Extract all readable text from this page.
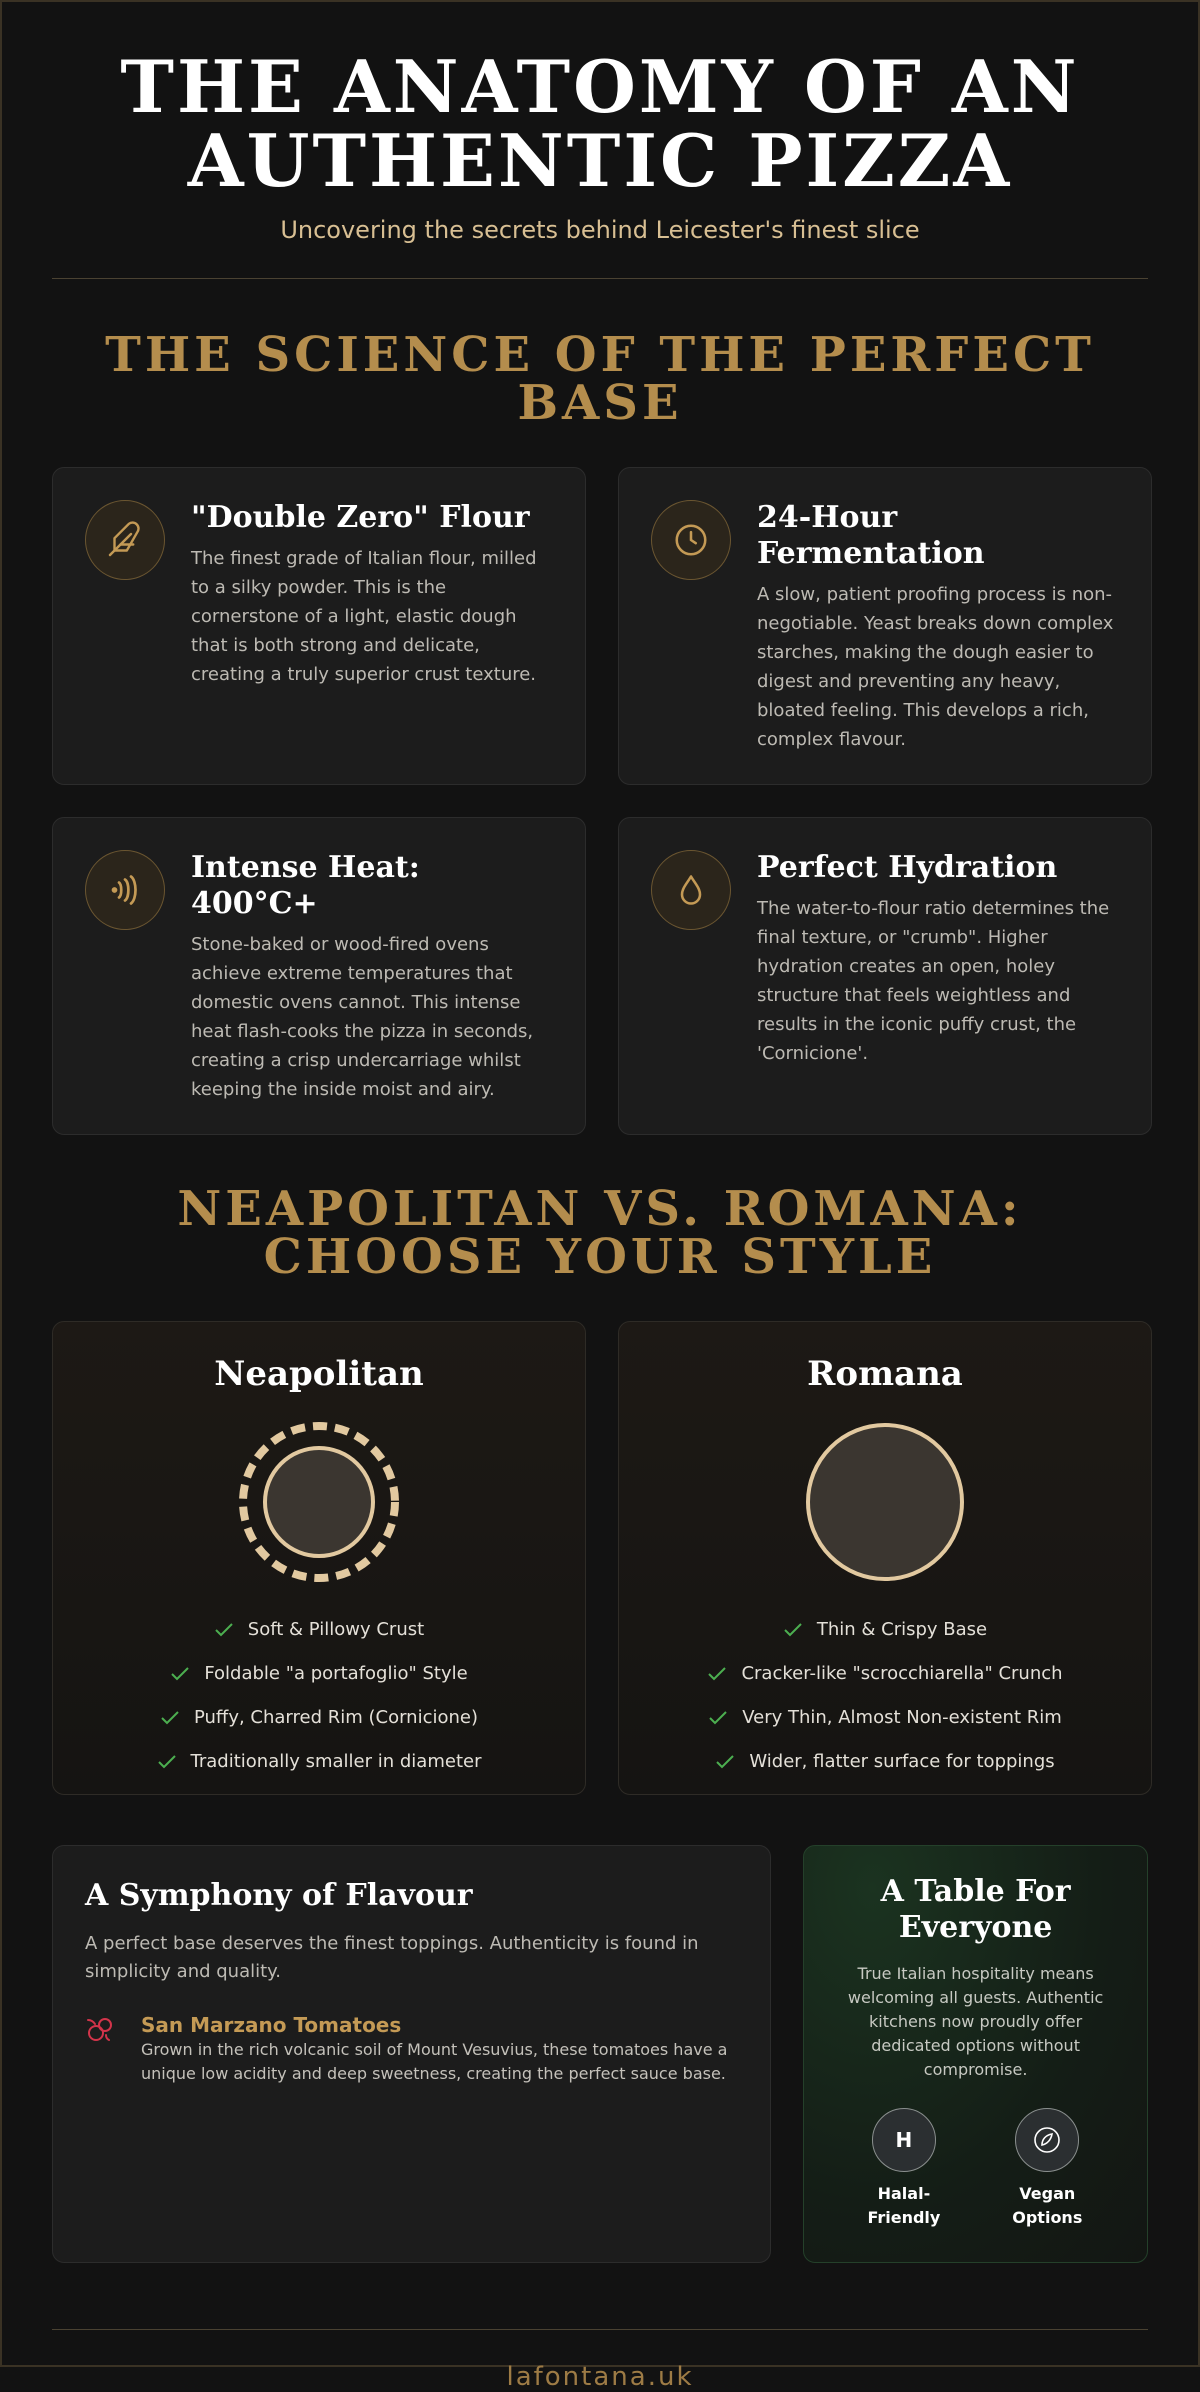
THE ANATOMY OF AN AUTHENTIC PIZZA

Uncovering the secrets behind Leicester's finest slice

THE SCIENCE OF THE PERFECT BASE
"Double Zero" Flour

The finest grade of Italian flour, milled to a silky powder. This is the cornerstone of a light, elastic dough that is both strong and delicate, creating a truly superior crust texture.

24-Hour Fermentation

A slow, patient proofing process is non-negotiable. Yeast breaks down complex starches, making the dough easier to digest and preventing any heavy, bloated feeling. This develops a rich, complex flavour.

Intense Heat: 400°C+

Stone-baked or wood-fired ovens achieve extreme temperatures that domestic ovens cannot. This intense heat flash-cooks the pizza in seconds, creating a crisp undercarriage whilst keeping the inside moist and airy.

Perfect Hydration

The water-to-flour ratio determines the final texture, or "crumb". Higher hydration creates an open, holey structure that feels weightless and results in the iconic puffy crust, the 'Cornicione'.

NEAPOLITAN VS. ROMANA: CHOOSE YOUR STYLE
Neapolitan
Soft & Pillowy Crust
Foldable "a portafoglio" Style
Puffy, Charred Rim (Cornicione)
Traditionally smaller in diameter
Romana
Thin & Crispy Base
Cracker-like "scrocchiarella" Crunch
Very Thin, Almost Non-existent Rim
Wider, flatter surface for toppings
A Symphony of Flavour

A perfect base deserves the finest toppings. Authenticity is found in simplicity and quality.

San Marzano Tomatoes

Grown in the rich volcanic soil of Mount Vesuvius, these tomatoes have a unique low acidity and deep sweetness, creating the perfect sauce base.

A Table For Everyone

True Italian hospitality means welcoming all guests. Authentic kitchens now proudly offer dedicated options without compromise.

H
Halal-Friendly
Vegan Options
lafontana.uk
